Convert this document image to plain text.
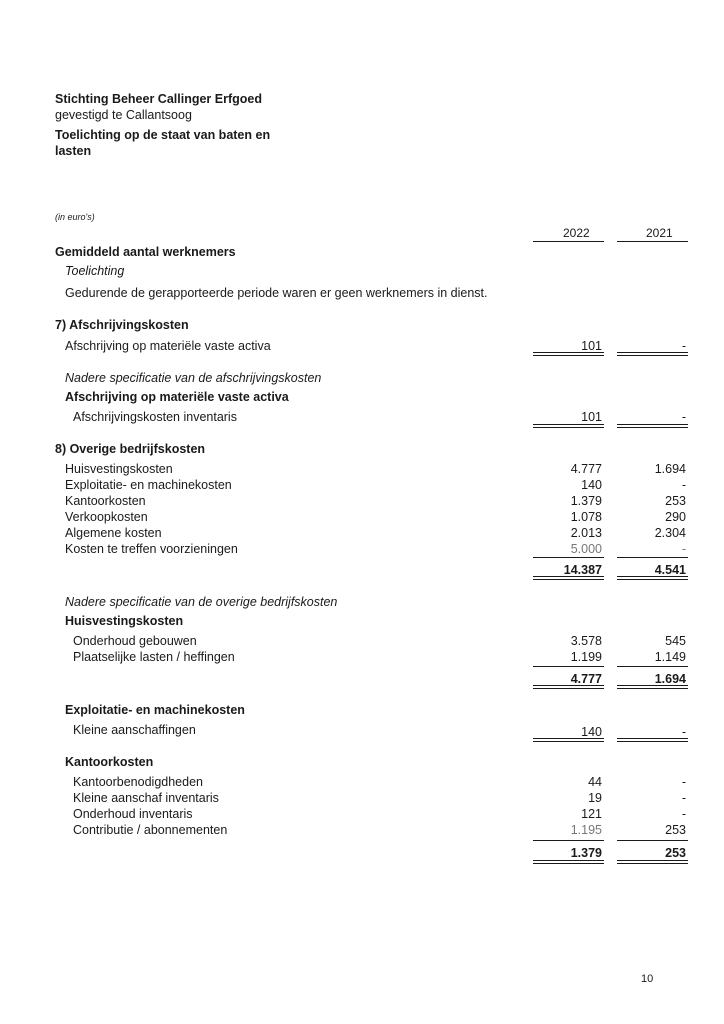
Stichting Beheer Callinger Erfgoed
gevestigd te Callantsoog
Toelichting op de staat van baten en
lasten
(in euro's)
2022	2021
Gemiddeld aantal werknemers
Toelichting
Gedurende de gerapporteerde periode waren er geen werknemers in dienst.
7) Afschrijvingskosten
Afschrijving op materiële vaste activa	101	-
Nadere specificatie van de afschrijvingskosten
Afschrijving op materiële vaste activa
Afschrijvingskosten inventaris	101	-
8) Overige bedrijfskosten
Huisvestingskosten	4.777	1.694
Exploitatie- en machinekosten	140	-
Kantoorkosten	1.379	253
Verkoopkosten	1.078	290
Algemene kosten	2.013	2.304
Kosten te treffen voorzieningen	5.000	-
14.387	4.541
Nadere specificatie van de overige bedrijfskosten
Huisvestingskosten
Onderhoud gebouwen	3.578	545
Plaatselijke lasten / heffingen	1.199	1.149
4.777	1.694
Exploitatie- en machinekosten
Kleine aanschaffingen	140	-
Kantoorkosten
Kantoorbenodigdheden	44	-
Kleine aanschaf inventaris	19	-
Onderhoud inventaris	121	-
Contributie / abonnementen	1.195	253
1.379	253
10
